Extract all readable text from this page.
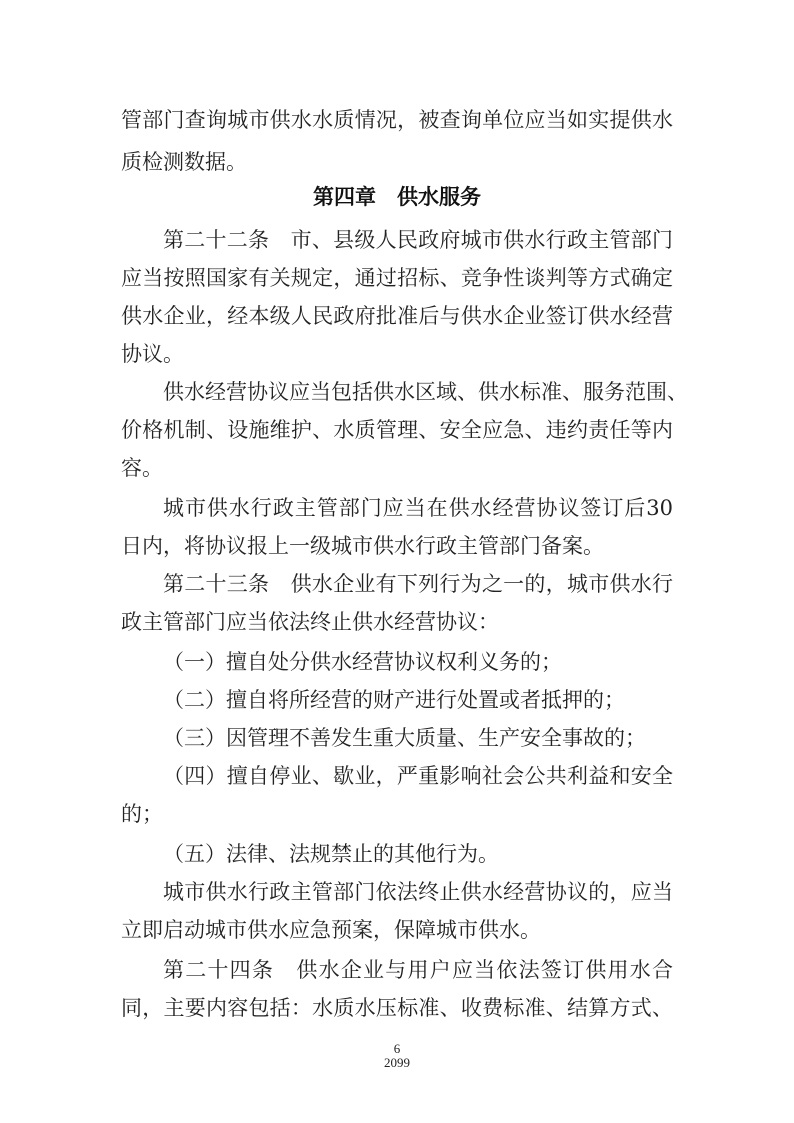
管部门查询城市供水水质情况，被查询单位应当如实提供水
质检测数据。
第四章　供水服务
第二十二条　市、县级人民政府城市供水行政主管部门
应当按照国家有关规定，通过招标、竞争性谈判等方式确定
供水企业，经本级人民政府批准后与供水企业签订供水经营
协议。
供水经营协议应当包括供水区域、供水标准、服务范围、
价格机制、设施维护、水质管理、安全应急、违约责任等内
容。
城市供水行政主管部门应当在供水经营协议签订后30
日内，将协议报上一级城市供水行政主管部门备案。
第二十三条　供水企业有下列行为之一的，城市供水行
政主管部门应当依法终止供水经营协议：
（一）擅自处分供水经营协议权利义务的；
（二）擅自将所经营的财产进行处置或者抵押的；
（三）因管理不善发生重大质量、生产安全事故的；
（四）擅自停业、歇业，严重影响社会公共利益和安全
的；
（五）法律、法规禁止的其他行为。
城市供水行政主管部门依法终止供水经营协议的，应当
立即启动城市供水应急预案，保障城市供水。
第二十四条　供水企业与用户应当依法签订供用水合
同，主要内容包括：水质水压标准、收费标准、结算方式、
6
2099
